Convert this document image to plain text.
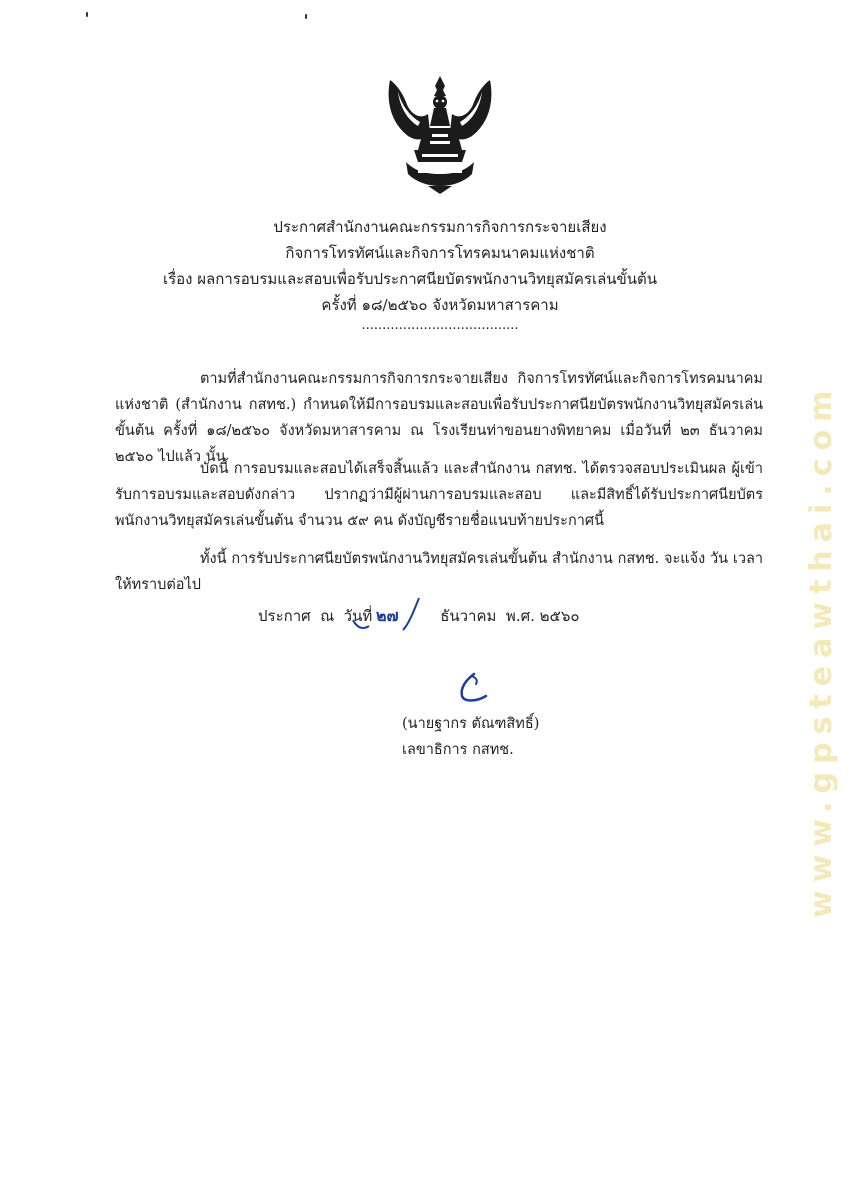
ประกาศสำนักงานคณะกรรมการกิจการกระจายเสียง
กิจการโทรทัศน์และกิจการโทรคมนาคมแห่งชาติ
เรื่อง ผลการอบรมและสอบเพื่อรับประกาศนียบัตรพนักงานวิทยุสมัครเล่นขั้นต้น
ครั้งที่ ๑๘/๒๕๖๐ จังหวัดมหาสารคาม
......................................
ตามที่สำนักงานคณะกรรมการกิจการกระจายเสียง กิจการโทรทัศน์และกิจการโทรคมนาคมแห่งชาติ (สำนักงาน กสทช.) กำหนดให้มีการอบรมและสอบเพื่อรับประกาศนียบัตรพนักงานวิทยุสมัครเล่นขั้นต้น ครั้งที่ ๑๘/๒๕๖๐ จังหวัดมหาสารคาม ณ โรงเรียนท่าขอนยางพิทยาคม เมื่อวันที่ ๒๓ ธันวาคม ๒๕๖๐ ไปแล้ว นั้น
บัดนี้ การอบรมและสอบได้เสร็จสิ้นแล้ว และสำนักงาน กสทช. ได้ตรวจสอบประเมินผล ผู้เข้ารับการอบรมและสอบดังกล่าว ปรากฏว่ามีผู้ผ่านการอบรมและสอบ และมีสิทธิ์ได้รับประกาศนียบัตรพนักงานวิทยุสมัครเล่นขั้นต้น จำนวน ๕๙ คน ดังบัญชีรายชื่อแนบท้ายประกาศนี้
ทั้งนี้ การรับประกาศนียบัตรพนักงานวิทยุสมัครเล่นขั้นต้น สำนักงาน กสทช. จะแจ้ง วัน เวลา ให้ทราบต่อไป
ประกาศ  ณ  วันที่	ธันวาคม  พ.ศ. ๒๕๖๐
๒๗
(นายฐากร ตัณฑสิทธิ์)
เลขาธิการ กสทช.	www.gpsteawthai.com
